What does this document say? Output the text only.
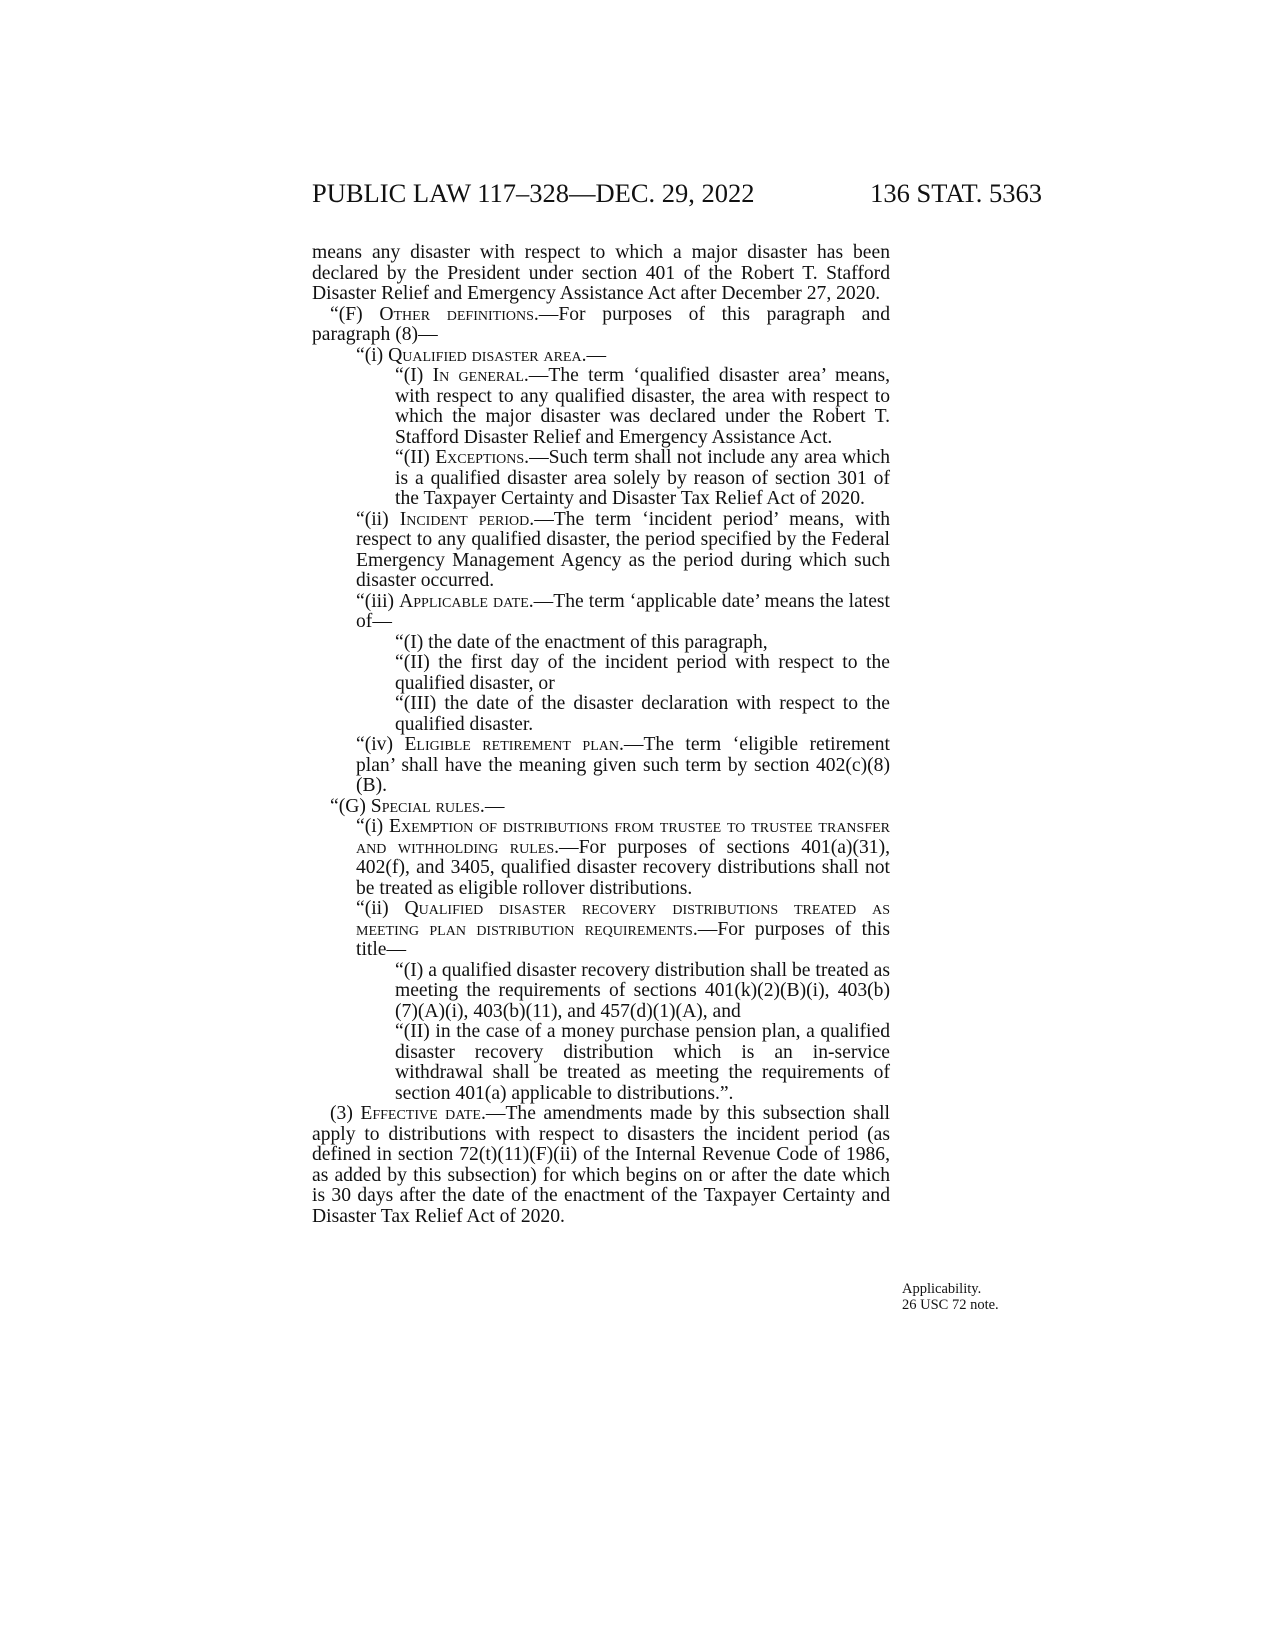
PUBLIC LAW 117–328—DEC. 29, 2022	136 STAT. 5363

means any disaster with respect to which a major disaster has been declared by the President under section 401 of the Robert T. Stafford Disaster Relief and Emergency Assistance Act after December 27, 2020.

“(F) Other definitions.—For purposes of this paragraph and paragraph (8)—

“(i) Qualified disaster area.—

“(I) In general.—The term ‘qualified disaster area’ means, with respect to any qualified disaster, the area with respect to which the major disaster was declared under the Robert T. Stafford Disaster Relief and Emergency Assistance Act.

“(II) Exceptions.—Such term shall not include any area which is a qualified disaster area solely by reason of section 301 of the Taxpayer Certainty and Disaster Tax Relief Act of 2020.

“(ii) Incident period.—The term ‘incident period’ means, with respect to any qualified disaster, the period specified by the Federal Emergency Management Agency as the period during which such disaster occurred.

“(iii) Applicable date.—The term ‘applicable date’ means the latest of—

“(I) the date of the enactment of this paragraph,

“(II) the first day of the incident period with respect to the qualified disaster, or

“(III) the date of the disaster declaration with respect to the qualified disaster.

“(iv) Eligible retirement plan.—The term ‘eligible retirement plan’ shall have the meaning given such term by section 402(c)(8)(B).

“(G) Special rules.—

“(i) Exemption of distributions from trustee to trustee transfer and withholding rules.—For purposes of sections 401(a)(31), 402(f), and 3405, qualified disaster recovery distributions shall not be treated as eligible rollover distributions.

“(ii) Qualified disaster recovery distributions treated as meeting plan distribution requirements.—For purposes of this title—

“(I) a qualified disaster recovery distribution shall be treated as meeting the requirements of sections 401(k)(2)(B)(i), 403(b)(7)(A)(i), 403(b)(11), and 457(d)(1)(A), and

“(II) in the case of a money purchase pension plan, a qualified disaster recovery distribution which is an in-service withdrawal shall be treated as meeting the requirements of section 401(a) applicable to distributions.”.

(3) Effective date.—The amendments made by this subsection shall apply to distributions with respect to disasters the incident period (as defined in section 72(t)(11)(F)(ii) of the Internal Revenue Code of 1986, as added by this subsection) for which begins on or after the date which is 30 days after the date of the enactment of the Taxpayer Certainty and Disaster Tax Relief Act of 2020.

Applicability.
26 USC 72 note.
